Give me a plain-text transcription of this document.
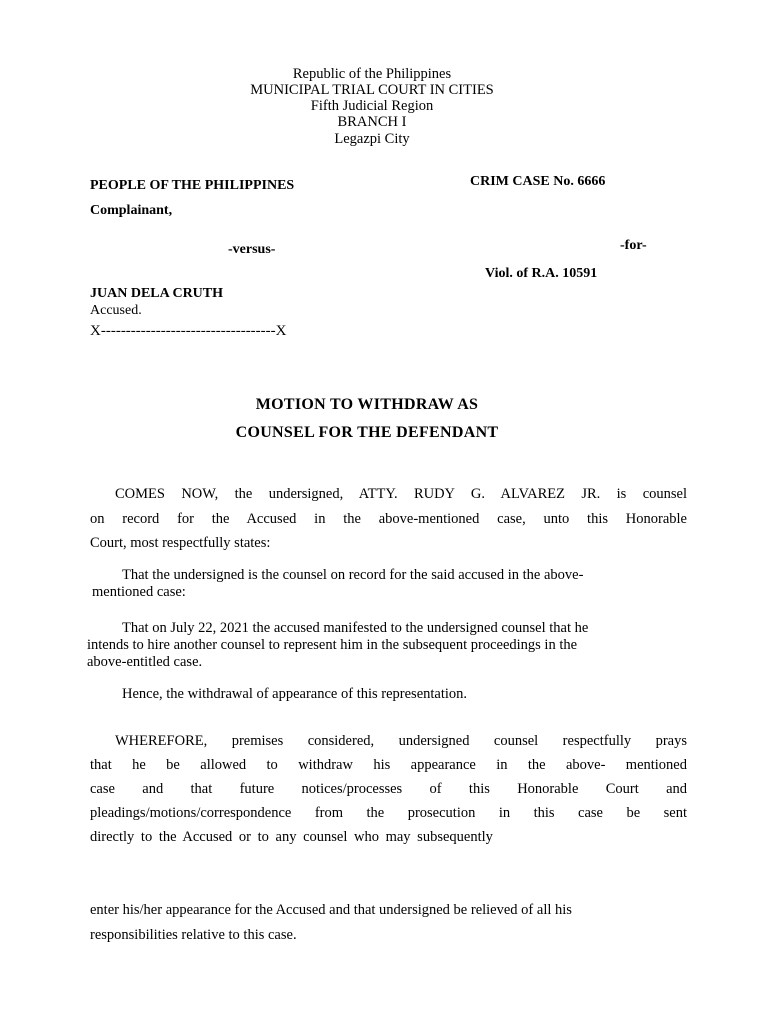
Republic of the Philippines
MUNICIPAL TRIAL COURT IN CITIES
Fifth Judicial Region
BRANCH I
Legazpi City
PEOPLE OF THE PHILIPPINES
Complainant,
-versus-
JUAN DELA CRUTH
Accused.
X-----------------------------------X
CRIM CASE No. 6666
-for-
Viol. of R.A. 10591
MOTION TO WITHDRAW AS
COUNSEL FOR THE DEFENDANT
COMES NOW, the undersigned, ATTY. RUDY G. ALVAREZ JR. is counsel
on record for the Accused in the above-mentioned case, unto this Honorable
Court, most respectfully states:
That the undersigned is the counsel on record for the said accused in the above-
mentioned case:
That on July 22, 2021 the accused manifested to the undersigned counsel that he
intends to hire another counsel to represent him in the subsequent proceedings in the
above-entitled case.
Hence, the withdrawal of appearance of this representation.
WHEREFORE, premises considered, undersigned counsel respectfully prays
that he be allowed to withdraw his appearance in the above- mentioned
case and that future notices/processes of this Honorable Court and
pleadings/motions/correspondence from the prosecution in this case be sent
directly to the Accused or to any counsel who may subsequently
enter his/her appearance for the Accused and that undersigned be relieved of all his
responsibilities relative to this case.
